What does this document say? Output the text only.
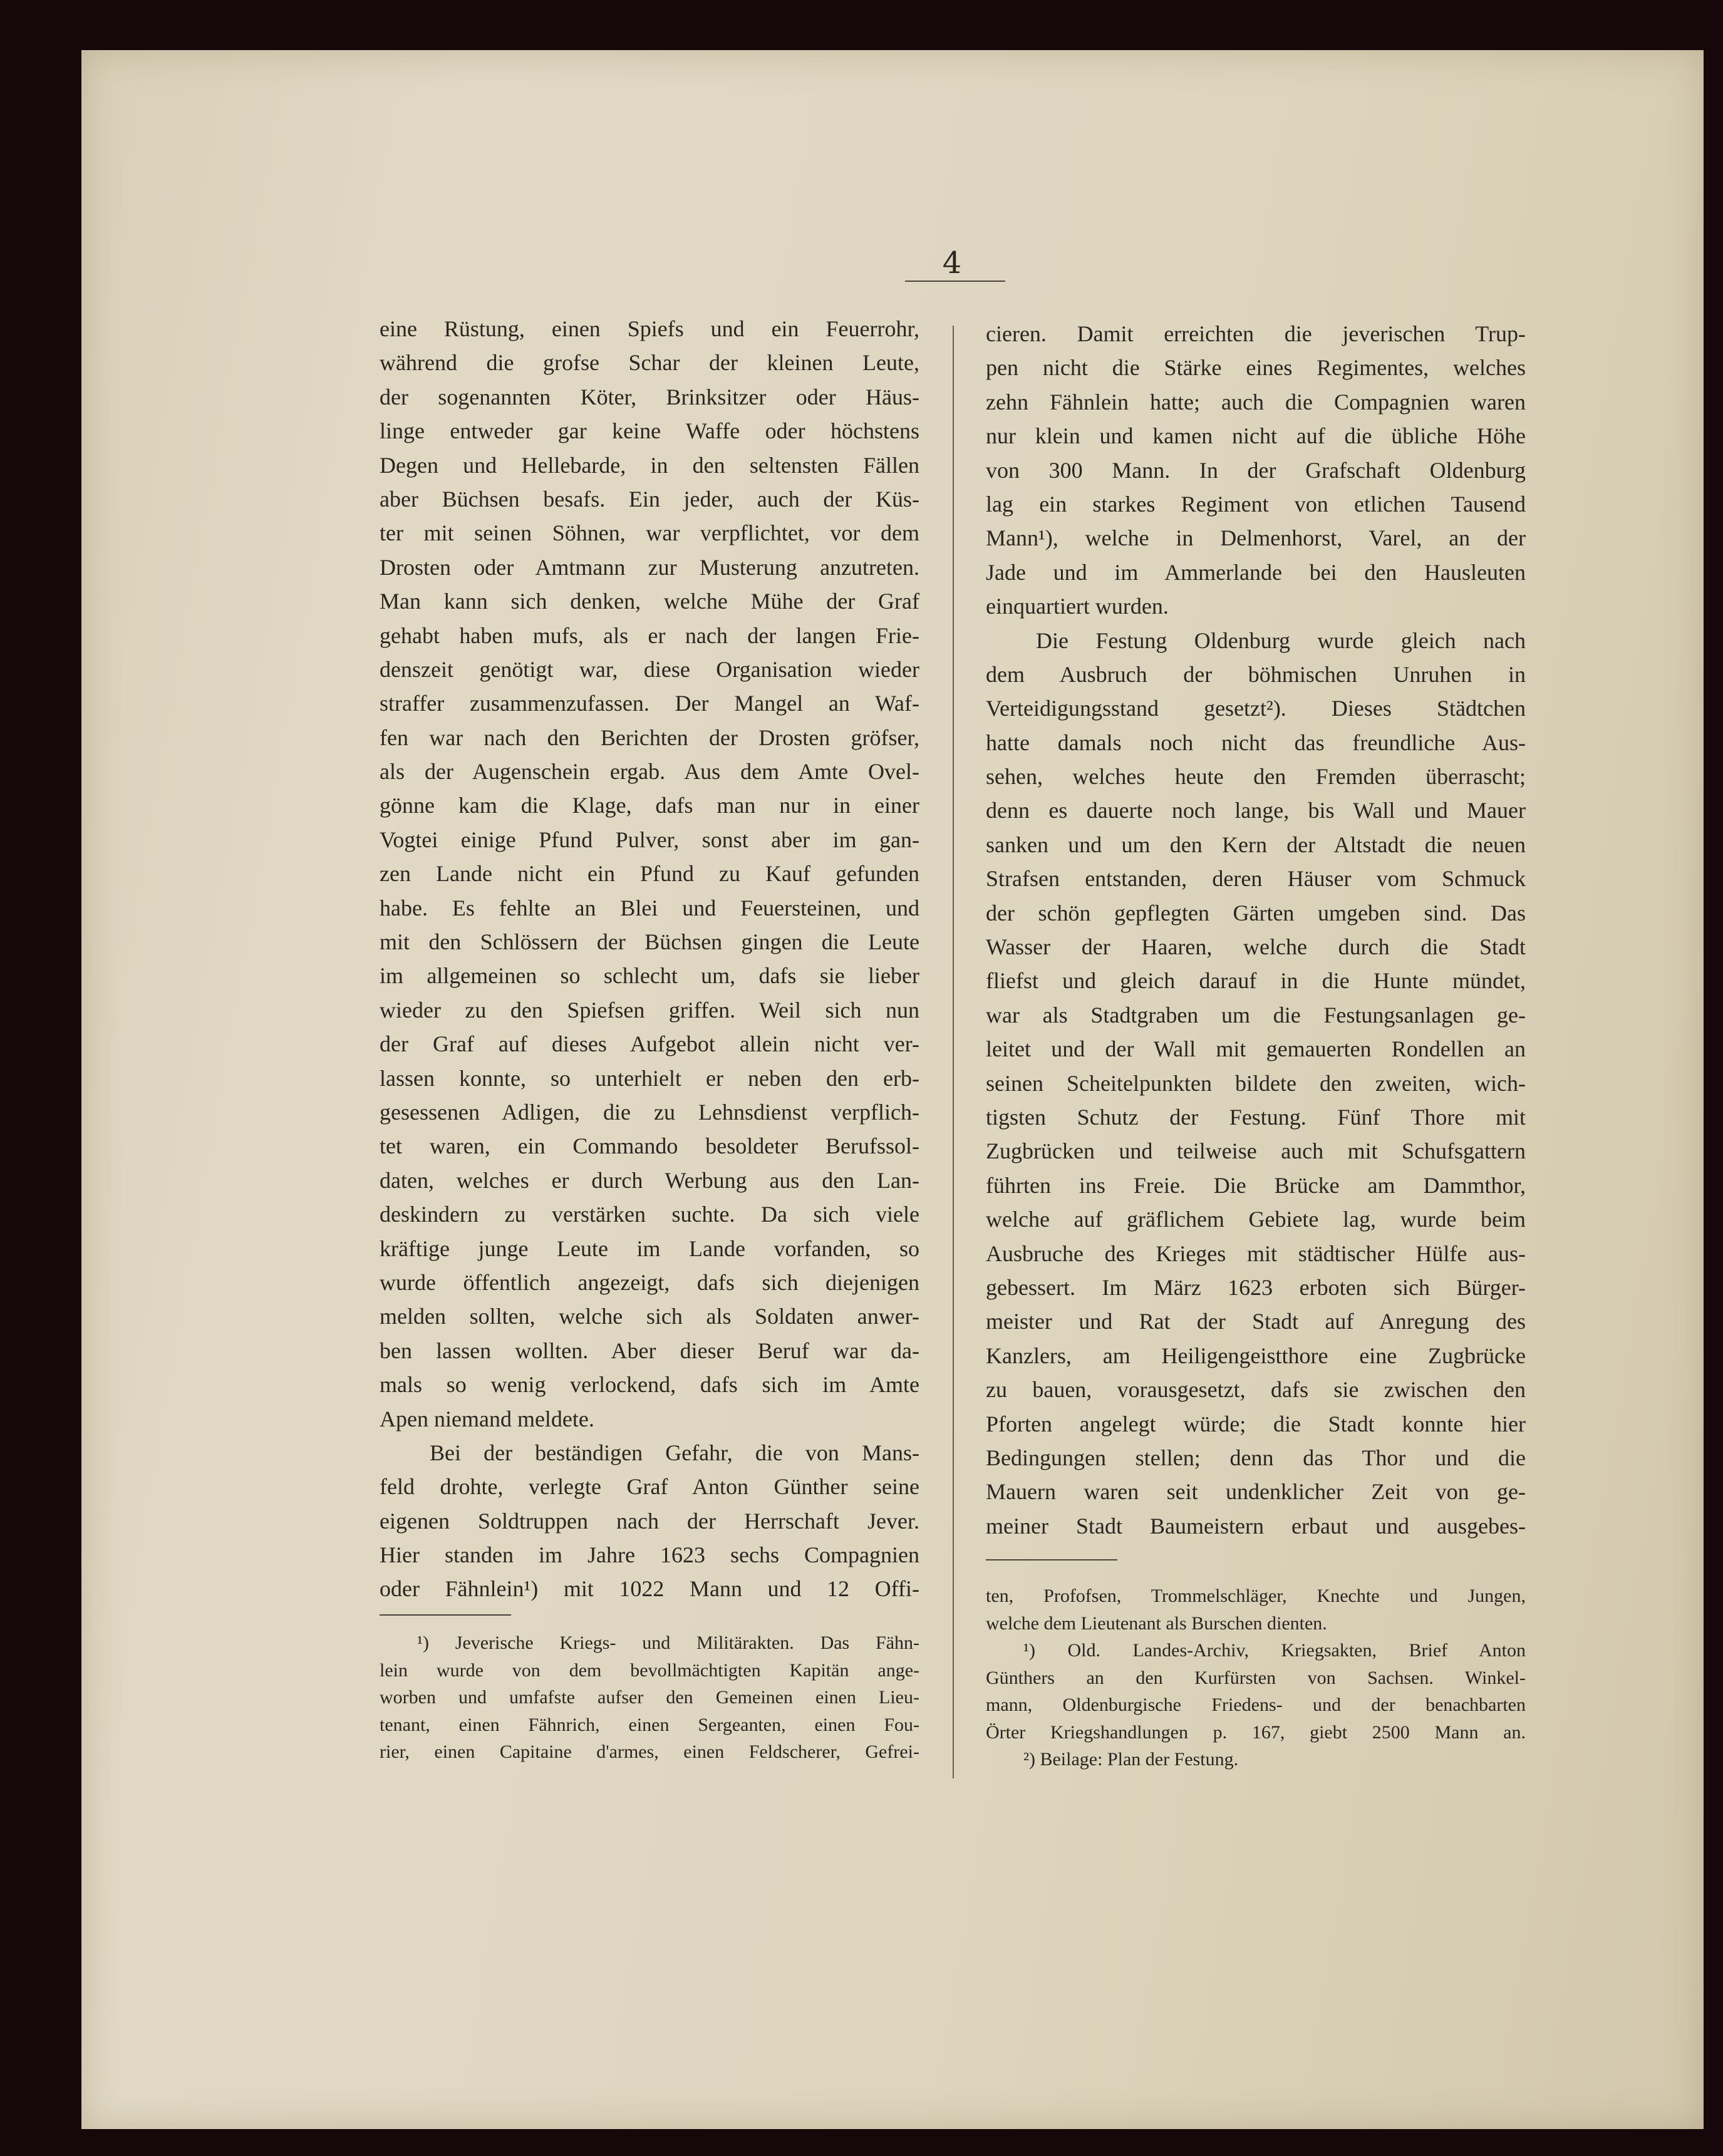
4
eine Rüstung, einen Spiefs und ein Feuerrohr,
während die grofse Schar der kleinen Leute,
der sogenannten Köter, Brinksitzer oder Häus-
linge entweder gar keine Waffe oder höchstens
Degen und Hellebarde, in den seltensten Fällen
aber Büchsen besafs. Ein jeder, auch der Küs-
ter mit seinen Söhnen, war verpflichtet, vor dem
Drosten oder Amtmann zur Musterung anzutreten.
Man kann sich denken, welche Mühe der Graf
gehabt haben mufs, als er nach der langen Frie-
denszeit genötigt war, diese Organisation wieder
straffer zusammenzufassen. Der Mangel an Waf-
fen war nach den Berichten der Drosten gröfser,
als der Augenschein ergab. Aus dem Amte Ovel-
gönne kam die Klage, dafs man nur in einer
Vogtei einige Pfund Pulver, sonst aber im gan-
zen Lande nicht ein Pfund zu Kauf gefunden
habe. Es fehlte an Blei und Feuersteinen, und
mit den Schlössern der Büchsen gingen die Leute
im allgemeinen so schlecht um, dafs sie lieber
wieder zu den Spiefsen griffen. Weil sich nun
der Graf auf dieses Aufgebot allein nicht ver-
lassen konnte, so unterhielt er neben den erb-
gesessenen Adligen, die zu Lehnsdienst verpflich-
tet waren, ein Commando besoldeter Berufssol-
daten, welches er durch Werbung aus den Lan-
deskindern zu verstärken suchte. Da sich viele
kräftige junge Leute im Lande vorfanden, so
wurde öffentlich angezeigt, dafs sich diejenigen
melden sollten, welche sich als Soldaten anwer-
ben lassen wollten. Aber dieser Beruf war da-
mals so wenig verlockend, dafs sich im Amte
Apen niemand meldete.
Bei der beständigen Gefahr, die von Mans-
feld drohte, verlegte Graf Anton Günther seine
eigenen Soldtruppen nach der Herrschaft Jever.
Hier standen im Jahre 1623 sechs Compagnien
oder Fähnlein¹) mit 1022 Mann und 12 Offi-
cieren. Damit erreichten die jeverischen Trup-
pen nicht die Stärke eines Regimentes, welches
zehn Fähnlein hatte; auch die Compagnien waren
nur klein und kamen nicht auf die übliche Höhe
von 300 Mann. In der Grafschaft Oldenburg
lag ein starkes Regiment von etlichen Tausend
Mann¹), welche in Delmenhorst, Varel, an der
Jade und im Ammerlande bei den Hausleuten
einquartiert wurden.
Die Festung Oldenburg wurde gleich nach
dem Ausbruch der böhmischen Unruhen in
Verteidigungsstand gesetzt²). Dieses Städtchen
hatte damals noch nicht das freundliche Aus-
sehen, welches heute den Fremden überrascht;
denn es dauerte noch lange, bis Wall und Mauer
sanken und um den Kern der Altstadt die neuen
Strafsen entstanden, deren Häuser vom Schmuck
der schön gepflegten Gärten umgeben sind. Das
Wasser der Haaren, welche durch die Stadt
fliefst und gleich darauf in die Hunte mündet,
war als Stadtgraben um die Festungsanlagen ge-
leitet und der Wall mit gemauerten Rondellen an
seinen Scheitelpunkten bildete den zweiten, wich-
tigsten Schutz der Festung. Fünf Thore mit
Zugbrücken und teilweise auch mit Schufsgattern
führten ins Freie. Die Brücke am Dammthor,
welche auf gräflichem Gebiete lag, wurde beim
Ausbruche des Krieges mit städtischer Hülfe aus-
gebessert. Im März 1623 erboten sich Bürger-
meister und Rat der Stadt auf Anregung des
Kanzlers, am Heiligengeistthore eine Zugbrücke
zu bauen, vorausgesetzt, dafs sie zwischen den
Pforten angelegt würde; die Stadt konnte hier
Bedingungen stellen; denn das Thor und die
Mauern waren seit undenklicher Zeit von ge-
meiner Stadt Baumeistern erbaut und ausgebes-
¹) Jeverische Kriegs- und Militärakten. Das Fähn-
lein wurde von dem bevollmächtigten Kapitän ange-
worben und umfafste aufser den Gemeinen einen Lieu-
tenant, einen Fähnrich, einen Sergeanten, einen Fou-
rier, einen Capitaine d'armes, einen Feldscherer, Gefrei-
ten, Profofsen, Trommelschläger, Knechte und Jungen,
welche dem Lieutenant als Burschen dienten.
¹) Old. Landes-Archiv, Kriegsakten, Brief Anton
Günthers an den Kurfürsten von Sachsen. Winkel-
mann, Oldenburgische Friedens- und der benachbarten
Örter Kriegshandlungen p. 167, giebt 2500 Mann an.
²) Beilage: Plan der Festung.
